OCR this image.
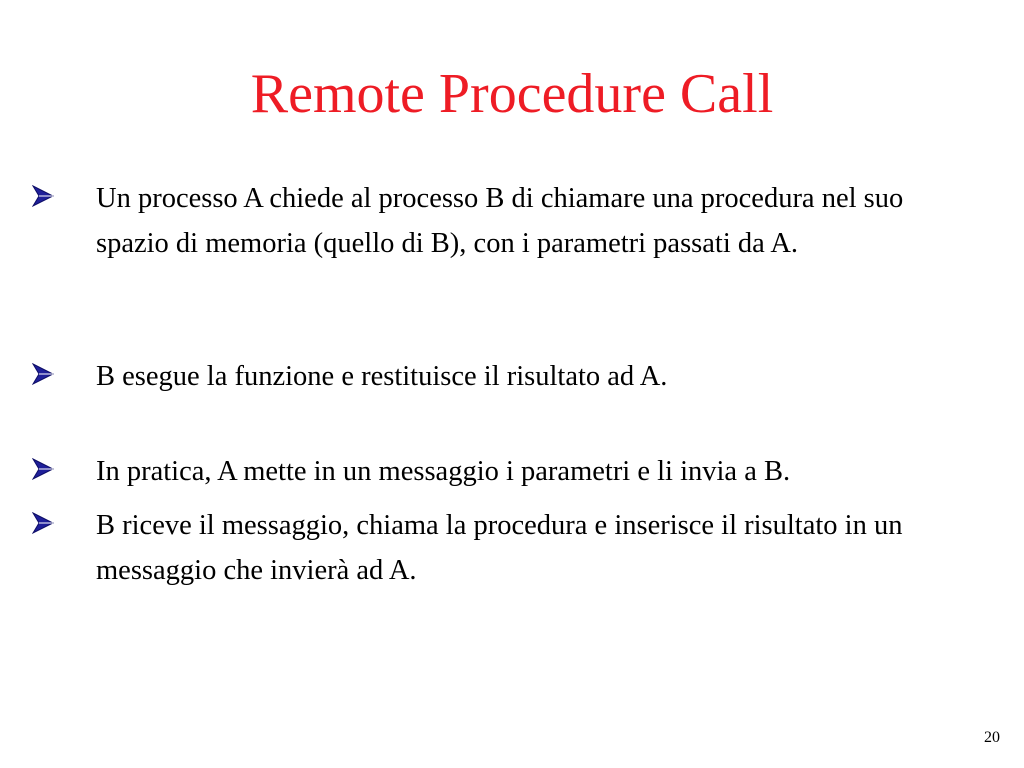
Remote Procedure Call
Un processo A chiede al processo B di chiamare una procedura nel suo spazio di memoria (quello di B), con i parametri passati da A.
B esegue la funzione e restituisce il risultato ad A.
In pratica, A mette in un messaggio i parametri e li invia a B.
B riceve il messaggio, chiama la procedura e inserisce il risultato in un messaggio che invierà ad A.
20
